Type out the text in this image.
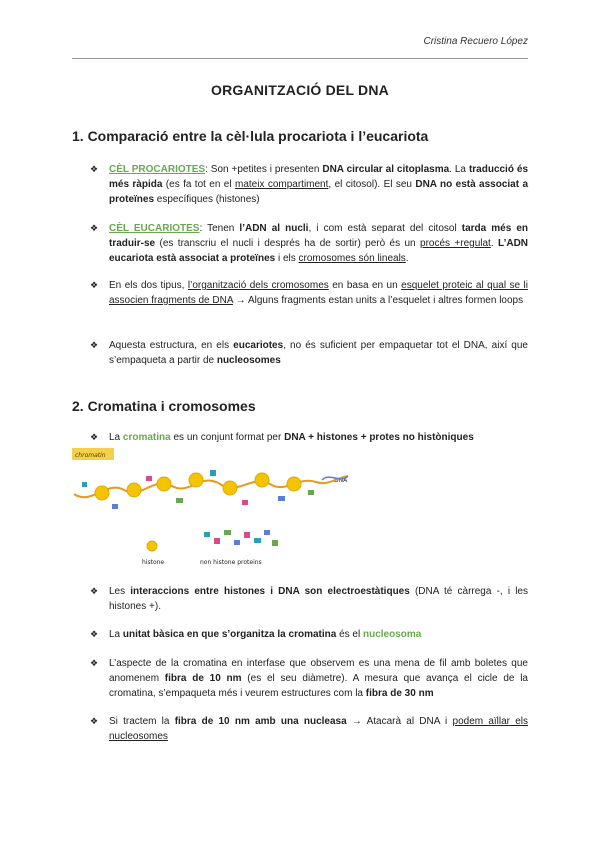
Cristina Recuero López
ORGANITZACIÓ DEL DNA
1. Comparació entre la cèl·lula procariota i l’eucariota
❖ CÈL PROCARIOTES: Son +petites i presenten DNA circular al citoplasma. La traducció és més ràpida (es fa tot en el mateix compartiment, el citosol). El seu DNA no està associat a proteïnes específiques (histones)
❖ CÈL EUCARIOTES: Tenen l’ADN al nucli, i com està separat del citosol tarda més en traduir-se (es transcriu el nucli i després ha de sortir) però és un procés +regulat. L’ADN eucariota està associat a proteïnes i els cromosomes són lineals.
❖ En els dos tipus, l’organització dels cromosomes en basa en un esquelet proteic al qual se li associen fragments de DNA → Alguns fragments estan units a l’esquelet i altres formen loops
❖ Aquesta estructura, en els eucariotes, no és suficient per empaquetar tot el DNA, així que s’empaqueta a partir de nucleosomes
2. Cromatina i cromosomes
❖ La cromatina es un conjunt format per DNA + histones + protes no històniques
chromatin
DNA
histone	non histone proteins
❖ Les interaccions entre histones i DNA son electroestàtiques (DNA té càrrega -, i les histones +).
❖ La unitat bàsica en que s’organitza la cromatina és el nucleosoma
❖ L’aspecte de la cromatina en interfase que observem es una mena de fil amb boletes que anomenem fibra de 10 nm (es el seu diàmetre). A mesura que avança el cicle de la cromatina, s’empaqueta més i veurem estructures com la fibra de 30 nm
❖ Si tractem la fibra de 10 nm amb una nucleasa → Atacarà al DNA i podem aïllar els nucleosomes
